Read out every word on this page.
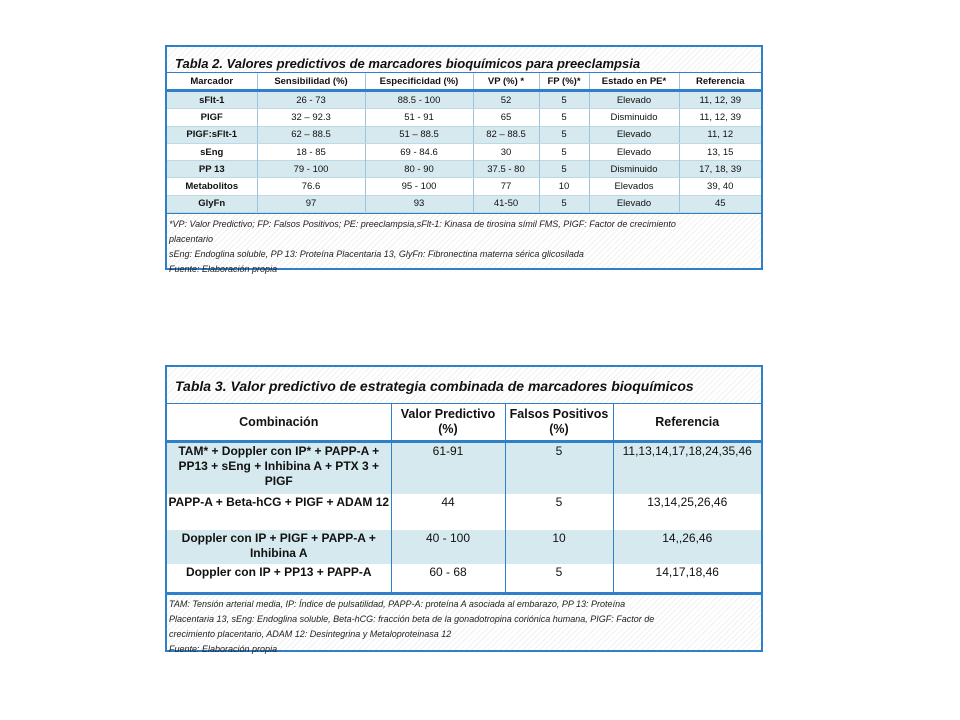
Tabla 2. Valores predictivos de marcadores bioquímicos para preeclampsia
Marcador	Sensibilidad (%)	Especificidad (%)	VP (%) *	FP (%)*	Estado en PE*	Referencia
sFlt-1	26 - 73	88.5 - 100	52	5	Elevado	11, 12, 39
PIGF	32 – 92.3	51 - 91	65	5	Disminuido	11, 12, 39
PIGF:sFlt-1	62 – 88.5	51 – 88.5	82 – 88.5	5	Elevado	11, 12
sEng	18 - 85	69 - 84.6	30	5	Elevado	13, 15
PP 13	79 - 100	80 - 90	37.5 - 80	5	Disminuido	17, 18, 39
Metabolitos	76.6	95 - 100	77	10	Elevados	39, 40
GlyFn	97	93	41-50	5	Elevado	45
*VP: Valor Predictivo; FP: Falsos Positivos; PE: preeclampsia,sFlt-1: Kinasa de tirosina símil FMS, PIGF: Factor de crecimiento
placentario
sEng: Endoglina soluble, PP 13: Proteína Placentaria 13, GlyFn: Fibronectina materna sérica glicosilada
Fuente: Elaboración propia
Tabla 3. Valor predictivo de estrategia combinada de marcadores bioquímicos
Combinación	Valor Predictivo (%)	Falsos Positivos (%)	Referencia
TAM* + Doppler con IP* + PAPP-A + PP13 + sEng + Inhibina A + PTX 3 + PIGF	61-91	5	11,13,14,17,18,24,35,46
PAPP-A + Beta-hCG + PIGF + ADAM 12	44	5	13,14,25,26,46
Doppler con IP + PIGF + PAPP-A + Inhibina A	40 - 100	10	14,,26,46
Doppler con IP + PP13 + PAPP-A	60 - 68	5	14,17,18,46
TAM: Tensión arterial media, IP: Índice de pulsatilidad, PAPP-A: proteína A asociada al embarazo, PP 13: Proteína
Placentaria 13, sEng: Endoglina soluble, Beta-hCG: fracción beta de la gonadotropina coriónica humana, PIGF: Factor de
crecimiento placentario, ADAM 12: Desintegrina y Metaloproteinasa 12
Fuente: Elaboración propia
